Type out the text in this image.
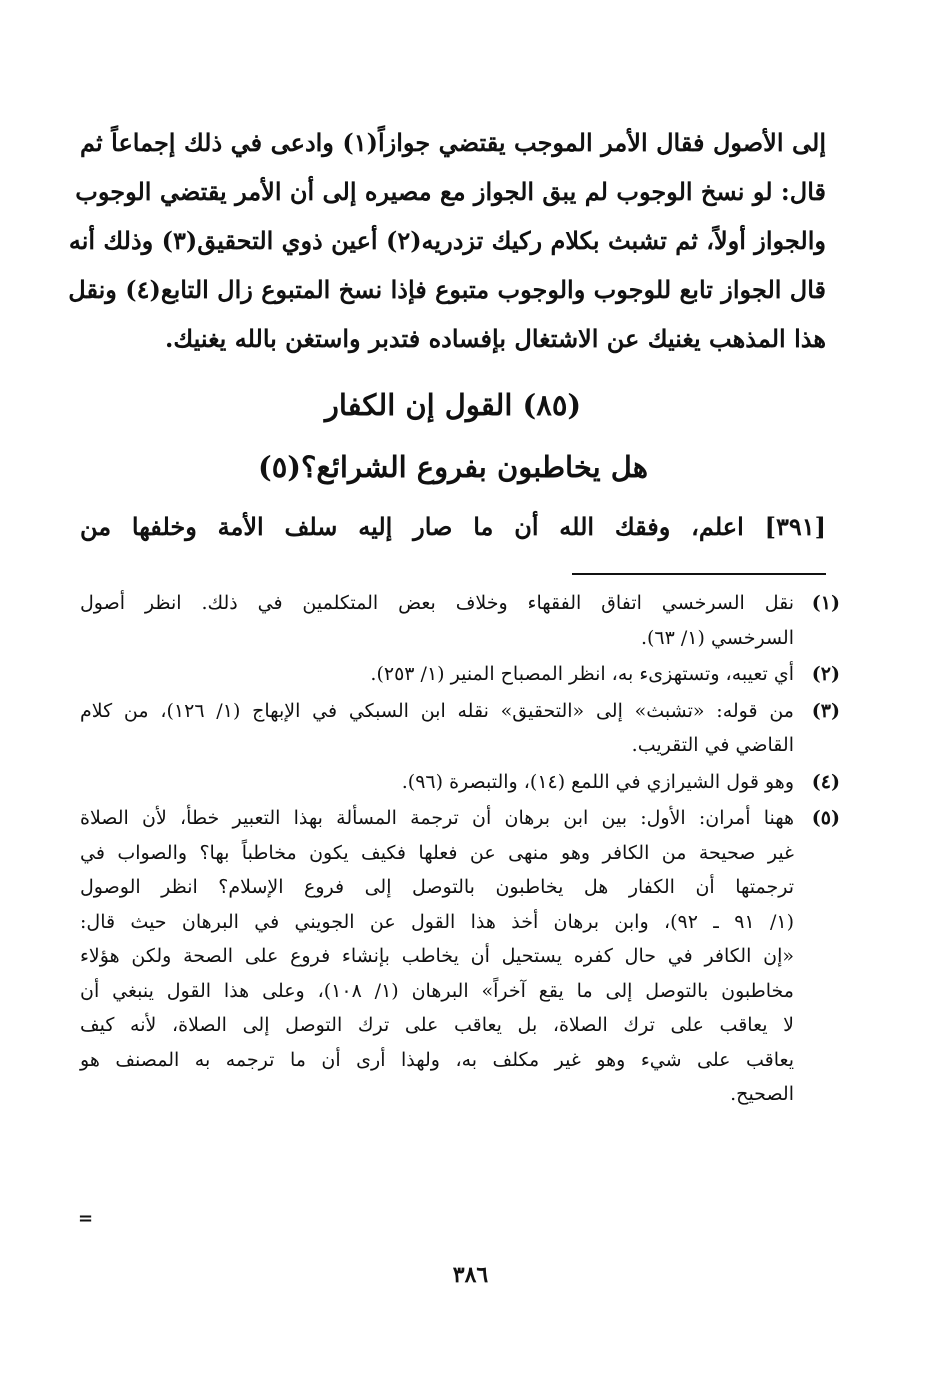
إلى الأصول فقال الأمر الموجب يقتضي جوازاً(١) وادعى في ذلك إجماعاً ثم
قال: لو نسخ الوجوب لم يبق الجواز مع مصيره إلى أن الأمر يقتضي الوجوب
والجواز أولاً، ثم تشبث بكلام ركيك تزدريه(٢) أعين ذوي التحقيق(٣) وذلك أنه
قال الجواز تابع للوجوب والوجوب متبوع فإذا نسخ المتبوع زال التابع(٤) ونقل
هذا المذهب يغنيك عن الاشتغال بإفساده فتدبر واستغن بالله يغنيك.
(٨٥) القول إن الكفار
هل يخاطبون بفروع الشرائع؟(٥)
[٣٩١] اعلم، وفقك الله أن ما صار إليه سلف الأمة وخلفها من
(١)
نقل السرخسي اتفاق الفقهاء وخلاف بعض المتكلمين في ذلك. انظر أصول
السرخسي (١/ ٦٣).
(٢)
أي تعيبه، وتستهزىء به، انظر المصباح المنير (١/ ٢٥٣).
(٣)
من قوله: «تشبث» إلى «التحقيق» نقله ابن السبكي في الإبهاج (١/ ١٢٦)، من كلام
القاضي في التقريب.
(٤)
وهو قول الشيرازي في اللمع (١٤)، والتبصرة (٩٦).
(٥)
ههنا أمران: الأول: بين ابن برهان أن ترجمة المسألة بهذا التعبير خطأ، لأن الصلاة
غير صحيحة من الكافر وهو منهى عن فعلها فكيف يكون مخاطباً بها؟ والصواب في
ترجمتها أن الكفار هل يخاطبون بالتوصل إلى فروع الإسلام؟ انظر الوصول
(١/ ٩١ ـ ٩٢)، وابن برهان أخذ هذا القول عن الجويني في البرهان حيث قال:
«إن الكافر في حال كفره يستحيل أن يخاطب بإنشاء فروع على الصحة ولكن هؤلاء
مخاطبون بالتوصل إلى ما يقع آخراً» البرهان (١/ ١٠٨)، وعلى هذا القول ينبغي أن
لا يعاقب على ترك الصلاة، بل يعاقب على ترك التوصل إلى الصلاة، لأنه كيف
يعاقب على شيء وهو غير مكلف به، ولهذا أرى أن ما ترجمه به المصنف هو
الصحيح.
=
٣٨٦
